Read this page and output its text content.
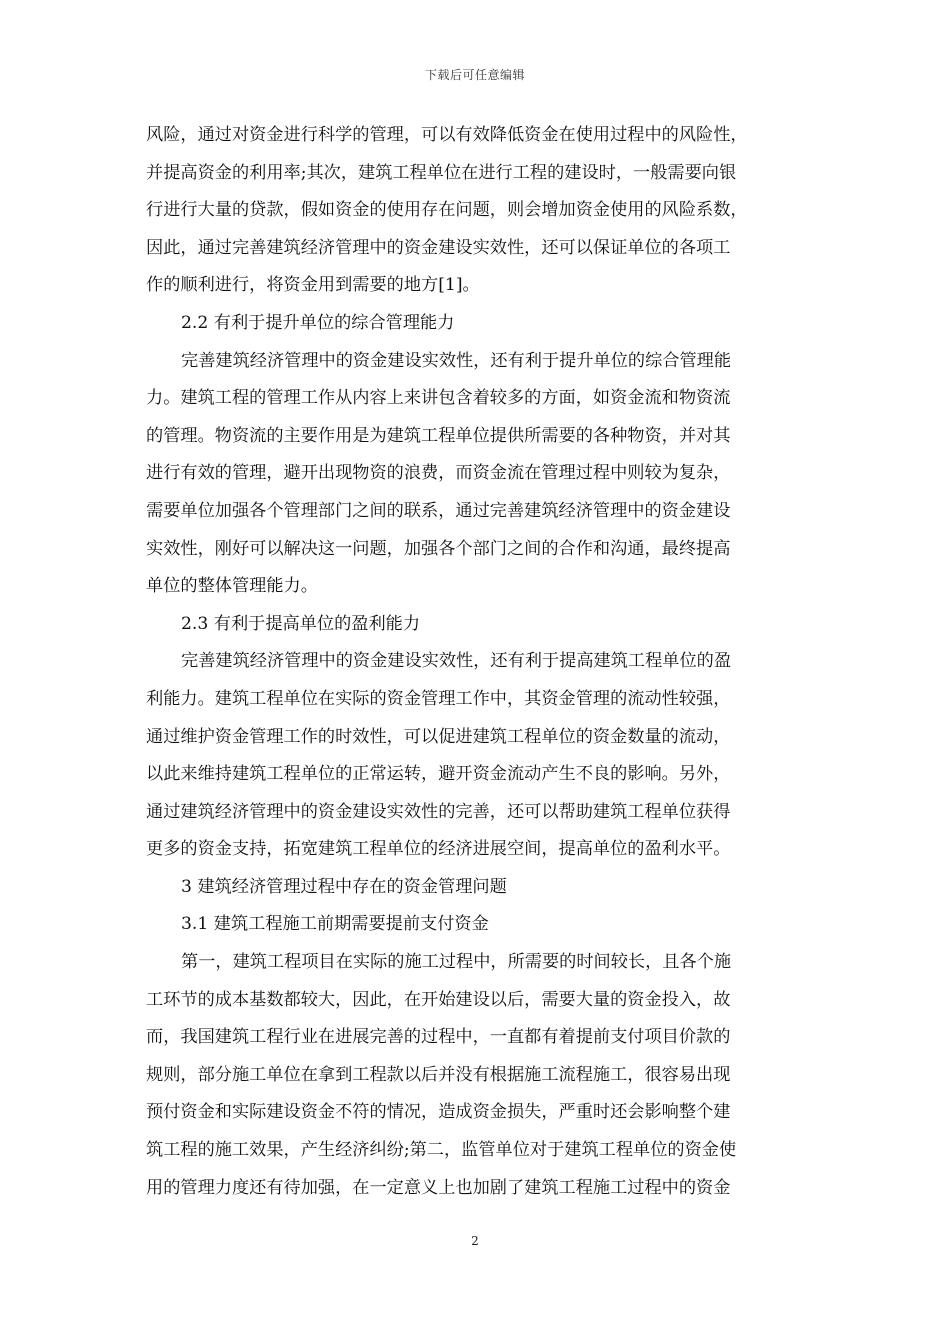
下载后可任意编辑
风险，通过对资金进行科学的管理，可以有效降低资金在使用过程中的风险性，
并提高资金的利用率;其次，建筑工程单位在进行工程的建设时，一般需要向银
行进行大量的贷款，假如资金的使用存在问题，则会增加资金使用的风险系数，
因此，通过完善建筑经济管理中的资金建设实效性，还可以保证单位的各项工
作的顺利进行，将资金用到需要的地方[1]。
2.2 有利于提升单位的综合管理能力
完善建筑经济管理中的资金建设实效性，还有利于提升单位的综合管理能
力。建筑工程的管理工作从内容上来讲包含着较多的方面，如资金流和物资流
的管理。物资流的主要作用是为建筑工程单位提供所需要的各种物资，并对其
进行有效的管理，避开出现物资的浪费，而资金流在管理过程中则较为复杂，
需要单位加强各个管理部门之间的联系，通过完善建筑经济管理中的资金建设
实效性，刚好可以解决这一问题，加强各个部门之间的合作和沟通，最终提高
单位的整体管理能力。
2.3 有利于提高单位的盈利能力
完善建筑经济管理中的资金建设实效性，还有利于提高建筑工程单位的盈
利能力。建筑工程单位在实际的资金管理工作中，其资金管理的流动性较强，
通过维护资金管理工作的时效性，可以促进建筑工程单位的资金数量的流动，
以此来维持建筑工程单位的正常运转，避开资金流动产生不良的影响。另外，
通过建筑经济管理中的资金建设实效性的完善，还可以帮助建筑工程单位获得
更多的资金支持，拓宽建筑工程单位的经济进展空间，提高单位的盈利水平。
3 建筑经济管理过程中存在的资金管理问题
3.1 建筑工程施工前期需要提前支付资金
第一，建筑工程项目在实际的施工过程中，所需要的时间较长，且各个施
工环节的成本基数都较大，因此，在开始建设以后，需要大量的资金投入，故
而，我国建筑工程行业在进展完善的过程中，一直都有着提前支付项目价款的
规则，部分施工单位在拿到工程款以后并没有根据施工流程施工，很容易出现
预付资金和实际建设资金不符的情况，造成资金损失，严重时还会影响整个建
筑工程的施工效果，产生经济纠纷;第二，监管单位对于建筑工程单位的资金使
用的管理力度还有待加强，在一定意义上也加剧了建筑工程施工过程中的资金
2
